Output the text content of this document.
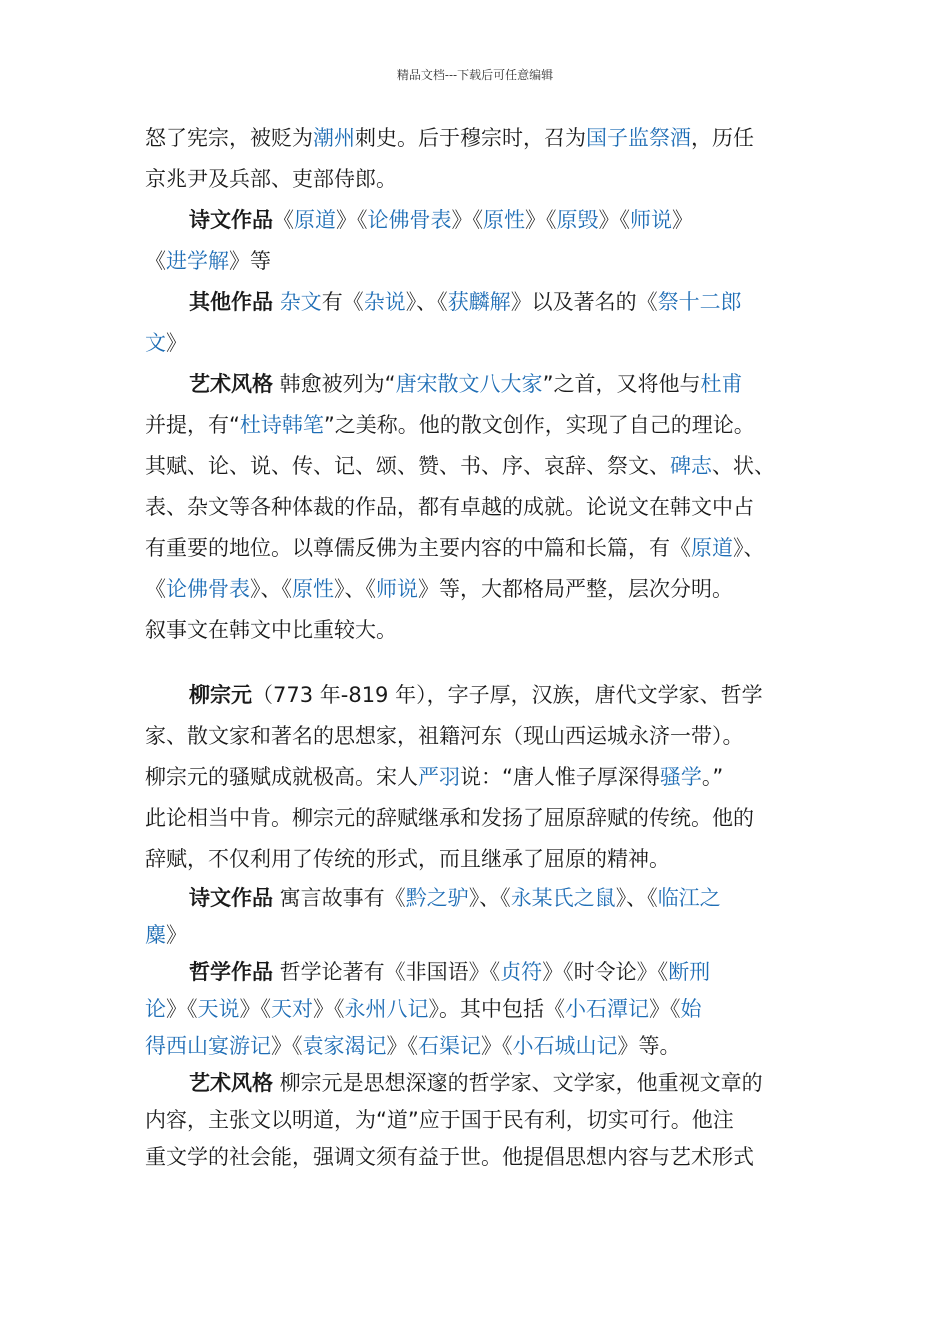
精品文档---下载后可任意编辑
怒了宪宗，被贬为潮州刺史。后于穆宗时，召为国子监祭酒，历任
京兆尹及兵部、吏部侍郎。
诗文作品《原道》《论佛骨表》《原性》《原毁》《师说》
《进学解》等
其他作品 杂文有《杂说》、《获麟解》以及著名的《祭十二郎
文》
艺术风格 韩愈被列为“唐宋散文八大家”之首，又将他与杜甫
并提，有“杜诗韩笔”之美称。他的散文创作，实现了自己的理论。
其赋、论、说、传、记、颂、赞、书、序、哀辞、祭文、碑志、状、
表、杂文等各种体裁的作品，都有卓越的成就。论说文在韩文中占
有重要的地位。以尊儒反佛为主要内容的中篇和长篇，有《原道》、
《论佛骨表》、《原性》、《师说》等，大都格局严整，层次分明。
叙事文在韩文中比重较大。
柳宗元（773 年-819 年），字子厚，汉族，唐代文学家、哲学
家、散文家和著名的思想家，祖籍河东（现山西运城永济一带）。
柳宗元的骚赋成就极高。宋人严羽说：“唐人惟子厚深得骚学。”
此论相当中肯。柳宗元的辞赋继承和发扬了屈原辞赋的传统。他的
辞赋，不仅利用了传统的形式，而且继承了屈原的精神。
诗文作品 寓言故事有《黔之驴》、《永某氏之鼠》、《临江之
麋》
哲学作品 哲学论著有《非国语》《贞符》《时令论》《断刑
论》《天说》《天对》《永州八记》。其中包括《小石潭记》《始
得西山宴游记》《袁家渴记》《石渠记》《小石城山记》等。
艺术风格 柳宗元是思想深邃的哲学家、文学家，他重视文章的
内容，主张文以明道，为“道”应于国于民有利，切实可行。他注
重文学的社会能，强调文须有益于世。他提倡思想内容与艺术形式
